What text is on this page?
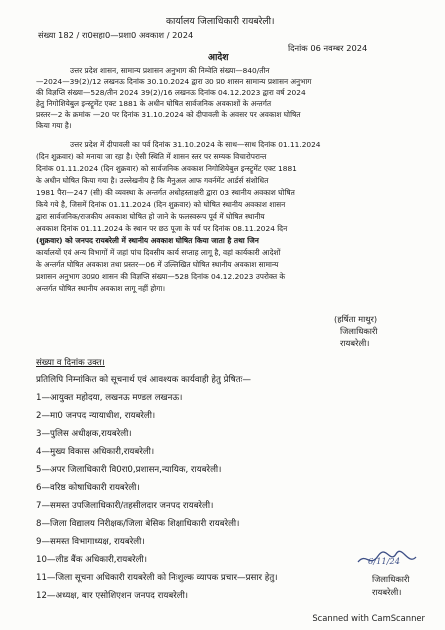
संख्या 182 / रा0सहा0—प्रशा0 अवकाश / 2024
कार्यालय जिलाधिकारी रायबरेली।
दिनांक 06 नवम्बर 2024
आदेश
उत्तर प्रदेश शासन, सामान्य प्रशासन अनुभाग की निम्वेति संख्या—840/तीन
—2024—39(2)/12 लखनऊ दिनांक 30.10.2024 द्वारा उ0 प्र0 शासन सामान्य प्रशासन अनुभाग
की विज्ञप्ति संख्या—528/तीन 2024 39(2)/16 लखनऊ दिनांक 04.12.2023 द्वारा वर्ष 2024
हेतु निगोशियेबुल इन्स्ट्रूमेंट एक्ट 1881 के अधीन घोषित सार्वजनिक अवकाशों के अन्तर्गत
प्रस्तर—2 के क्रमांक —20 पर दिनांक 31.10.2024 को दीपावली के अवसर पर अवकाश घोषित
किया गया है।
उत्तर प्रदेश में दीपावली का पर्व दिनांक 31.10.2024 के साथ—साथ दिनांक 01.11.2024
(दिन शुक्रवार) को मनाया जा रहा है। ऐसी स्थिति में शासन स्तर पर सम्यक विचारोपरान्त
दिनांक 01.11.2024 (दिन शुक्रवार) को सार्वजनिक अवकाश निगोशियेबुल इन्स्ट्रूमेंट एक्ट 1881
के अधीन घोषित किया गया है। उल्लेखनीय है कि मैनुअल आफ गवर्नमेंट आर्डर्स संशोधित
1981 पैरा—247 (सी) की व्यवस्था के अन्तर्गत अधोहस्ताक्षरी द्वारा 03 स्थानीय अवकाश घोषित
किये गये है, जिसमें दिनांक 01.11.2024 (दिन शुक्रवार) को घोषित स्थानीय अवकाश शासन
द्वारा सार्वजनिक/राजकीय अवकाश घोषित हो जाने के फलस्वरूप पूर्व में घोषित स्थानीय
अवकाश दिनांक 01.11.2024 के स्थान पर छठ पूजा के पर्व पर दिनांक 08.11.2024 दिन
(शुक्रवार) को जनपद रायबरेली में स्थानीय अवकाश घोषित किया जाता है तथा जिन
कार्यालयों एवं अन्य विभागों में जहां पांच दिवसीय कार्य सप्ताह लागू है, वहां कार्यकारी आदेशों
के अन्तर्गत घोषित अवकाश तथा प्रस्तर—06 में उल्लिखित घोषित स्थानीय अवकाश सामान्य
प्रशासन अनुभाग उ0प्र0 शासन की विज्ञप्ति संख्या—528 दिनांक 04.12.2023 उपरोक्त के
अन्तर्गत घोषित स्थानीय अवकाश लागू नहीं होगा।
(हर्षिता माथुर)
जिलाधिकारी
रायबरेली।
संख्या व दिनांक उक्त।
प्रतिलिपि निम्नांकित को सूचनार्थ एवं आवश्यक कार्यवाही हेतु प्रेषितः—
1—आयुक्त महोदया, लखनऊ मण्डल लखनऊ।
2—मा0 जनपद न्यायाधीश, रायबरेली।
3—पुलिस अधीक्षक,रायबरेली।
4—मुख्य विकास अधिकारी,रायबरेली।
5—अपर जिलाधिकारी वि0रा0,प्रशासन,न्यायिक, रायबरेली।
6—वरिष्ठ कोषाधिकारी रायबरेली।
7—समस्त उपजिलाधिकारी/तहसीलदार जनपद रायबरेली।
8—जिला विद्यालय निरीक्षक/जिला बेसिक शिक्षाधिकारी रायबरेली।
9—समस्त विभागाध्यक्ष, रायबरेली।
10—लीड बैंक अधिकारी,रायबरेली।
11—जिला सूचना अधिकारी रायबरेली को निःशुल्क व्यापक प्रचार—प्रसार हेतु।
12—अध्यक्ष, बार एसोशिएशन जनपद रायबरेली।
6/11/24
जिलाधिकारी
रायबरेली।
Scanned with CamScanner
